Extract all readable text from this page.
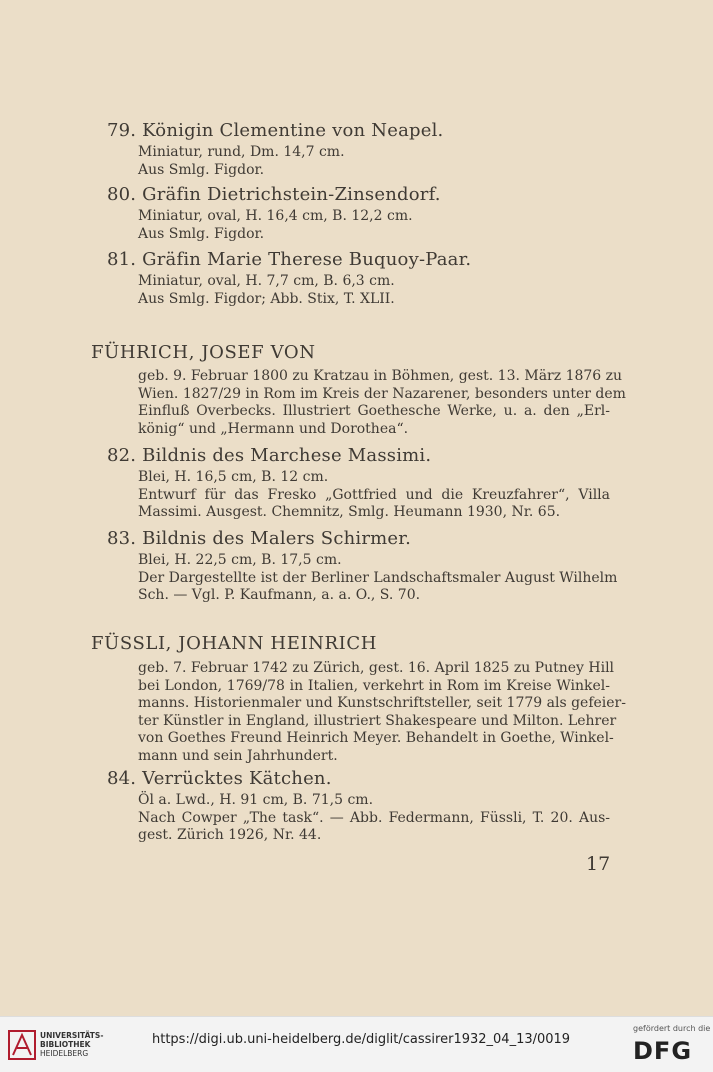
79. Königin Clementine von Neapel.
Miniatur, rund, Dm. 14,7 cm.
Aus Smlg. Figdor.
80. Gräfin Dietrichstein-Zinsendorf.
Miniatur, oval, H. 16,4 cm, B. 12,2 cm.
Aus Smlg. Figdor.
81. Gräfin Marie Therese Buquoy-Paar.
Miniatur, oval, H. 7,7 cm, B. 6,3 cm.
Aus Smlg. Figdor; Abb. Stix, T. XLII.
FÜHRICH, JOSEF VON
geb. 9. Februar 1800 zu Kratzau in Böhmen, gest. 13. März 1876 zu
Wien. 1827/29 in Rom im Kreis der Nazarener, besonders unter dem
Einfluß Overbecks. Illustriert Goethesche Werke, u. a. den „Erl-
könig“ und „Hermann und Dorothea“.
82. Bildnis des Marchese Massimi.
Blei, H. 16,5 cm, B. 12 cm.
Entwurf für das Fresko „Gottfried und die Kreuzfahrer“, Villa
Massimi. Ausgest. Chemnitz, Smlg. Heumann 1930, Nr. 65.
83. Bildnis des Malers Schirmer.
Blei, H. 22,5 cm, B. 17,5 cm.
Der Dargestellte ist der Berliner Landschaftsmaler August Wilhelm
Sch. — Vgl. P. Kaufmann, a. a. O., S. 70.
FÜSSLI, JOHANN HEINRICH
geb. 7. Februar 1742 zu Zürich, gest. 16. April 1825 zu Putney Hill
bei London, 1769/78 in Italien, verkehrt in Rom im Kreise Winkel-
manns. Historienmaler und Kunstschriftsteller, seit 1779 als gefeier-
ter Künstler in England, illustriert Shakespeare und Milton. Lehrer
von Goethes Freund Heinrich Meyer. Behandelt in Goethe, Winkel-
mann und sein Jahrhundert.
84. Verrücktes Kätchen.
Öl a. Lwd., H. 91 cm, B. 71,5 cm.
Nach Cowper „The task“. — Abb. Federmann, Füssli, T. 20. Aus-
gest. Zürich 1926, Nr. 44.
17
UNIVERSITÄTS-
BIBLIOTHEK
HEIDELBERG
https://digi.ub.uni-heidelberg.de/diglit/cassirer1932_04_13/0019
gefördert durch die
DFG
